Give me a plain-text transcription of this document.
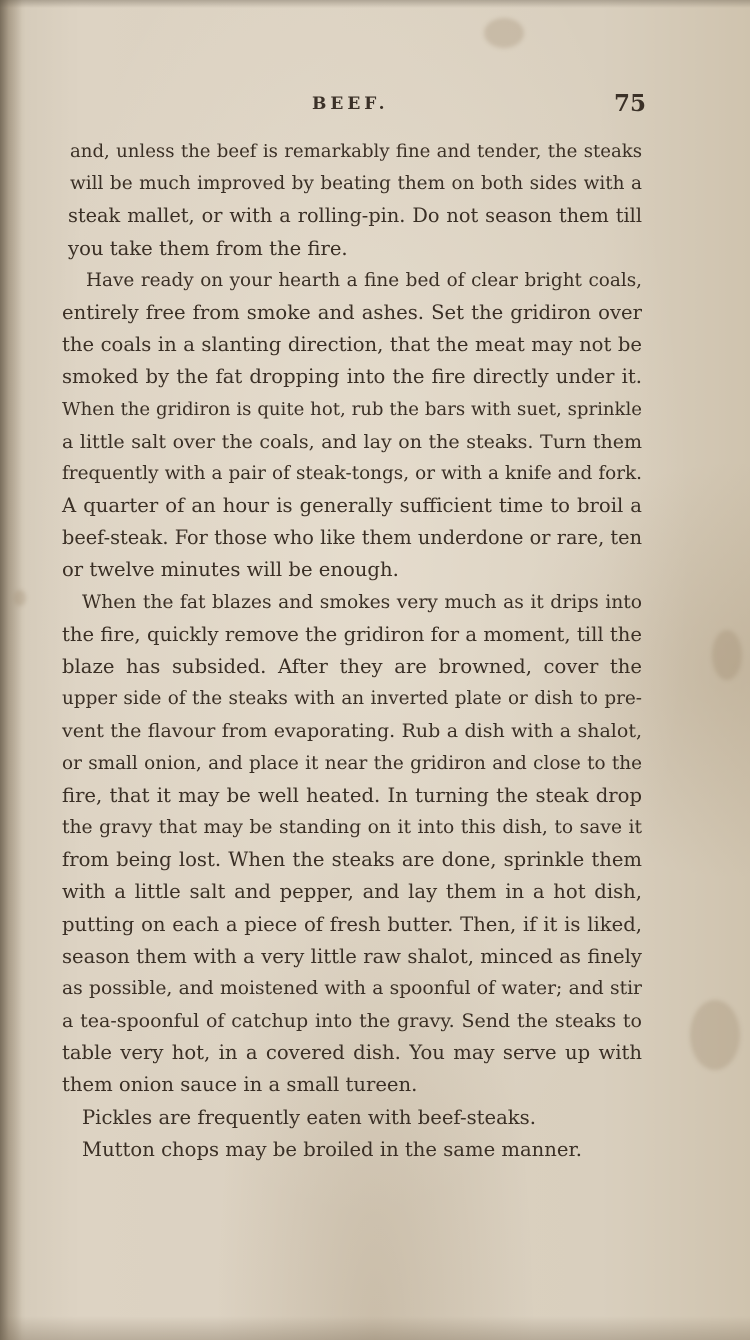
BEEF.	75
and, unless the beef is remarkably fine and tender, the steaks
will be much improved by beating them on both sides with a
steak mallet, or with a rolling-pin. Do not season them till
you take them from the fire.
Have ready on your hearth a fine bed of clear bright coals,
entirely free from smoke and ashes. Set the gridiron over
the coals in a slanting direction, that the meat may not be
smoked by the fat dropping into the fire directly under it.
When the gridiron is quite hot, rub the bars with suet, sprinkle
a little salt over the coals, and lay on the steaks. Turn them
frequently with a pair of steak-tongs, or with a knife and fork.
A quarter of an hour is generally sufficient time to broil a
beef-steak. For those who like them underdone or rare, ten
or twelve minutes will be enough.
When the fat blazes and smokes very much as it drips into
the fire, quickly remove the gridiron for a moment, till the
blaze has subsided. After they are browned, cover the
upper side of the steaks with an inverted plate or dish to pre-
vent the flavour from evaporating. Rub a dish with a shalot,
or small onion, and place it near the gridiron and close to the
fire, that it may be well heated. In turning the steak drop
the gravy that may be standing on it into this dish, to save it
from being lost. When the steaks are done, sprinkle them
with a little salt and pepper, and lay them in a hot dish,
putting on each a piece of fresh butter. Then, if it is liked,
season them with a very little raw shalot, minced as finely
as possible, and moistened with a spoonful of water; and stir
a tea-spoonful of catchup into the gravy. Send the steaks to
table very hot, in a covered dish. You may serve up with
them onion sauce in a small tureen.
Pickles are frequently eaten with beef-steaks.
Mutton chops may be broiled in the same manner.
